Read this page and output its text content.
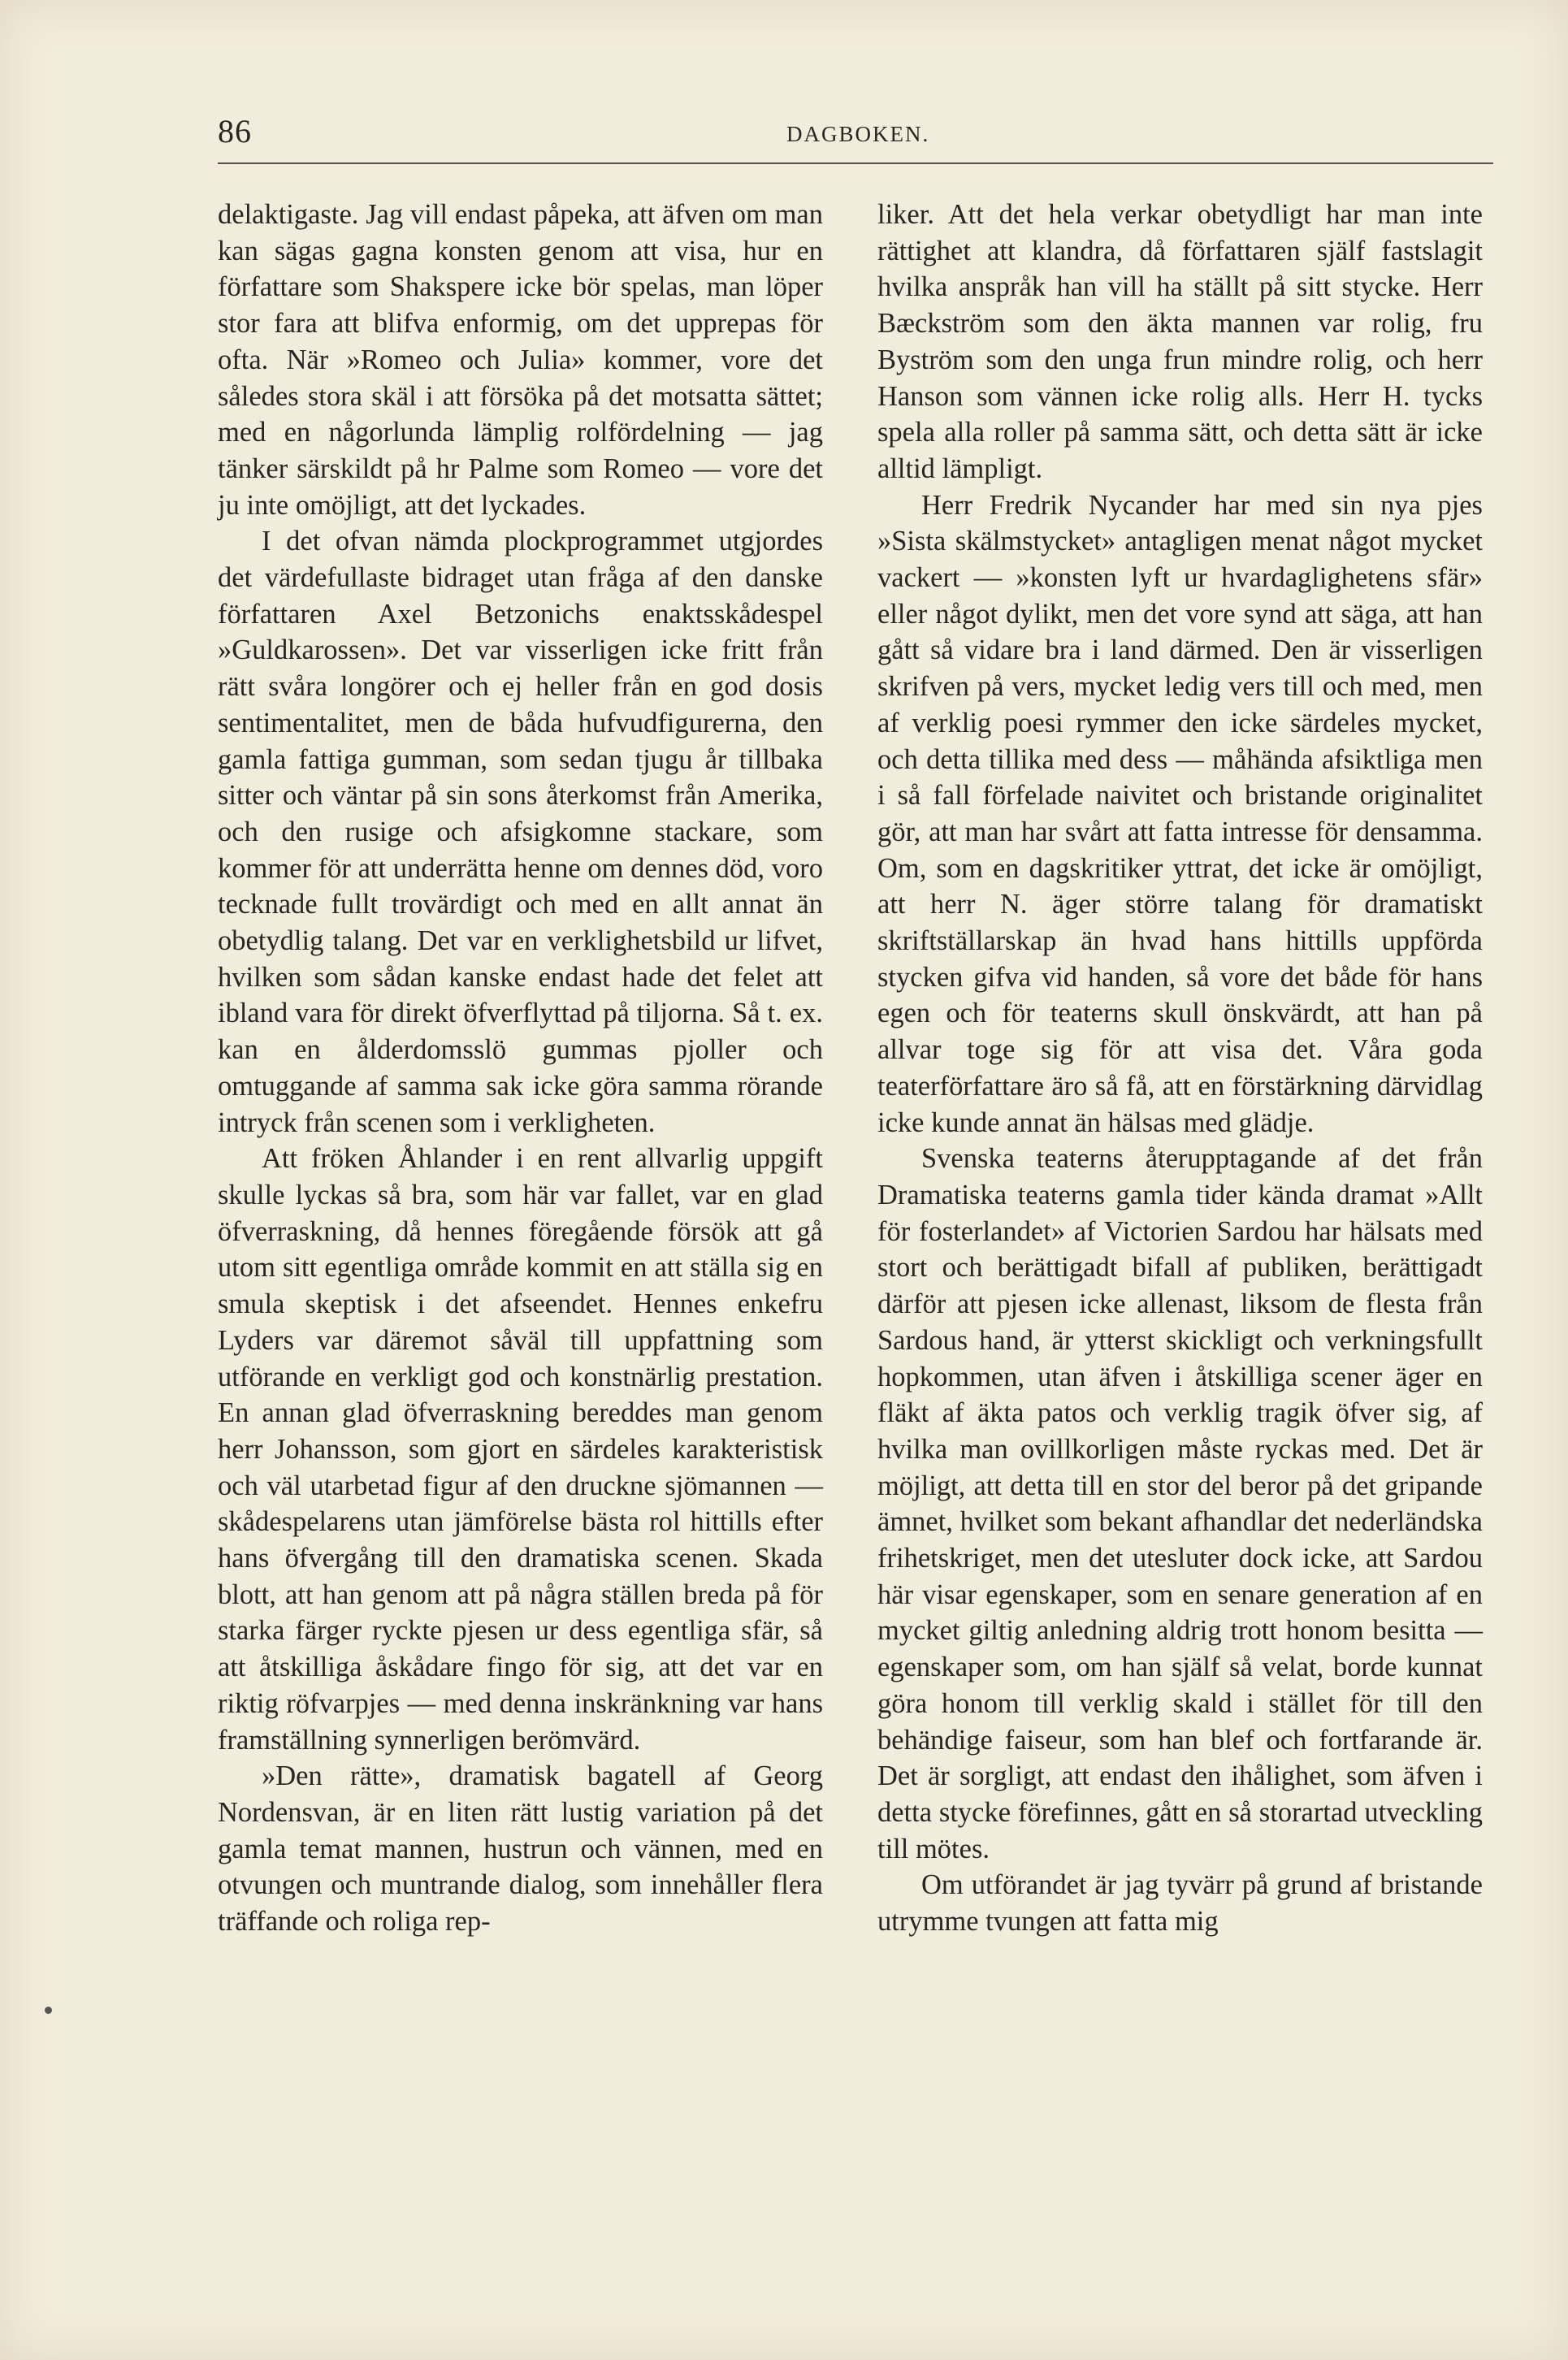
86	DAGBOKEN.

delaktigaste. Jag vill endast påpeka, att äfven om man kan sägas gagna konsten genom att visa, hur en författare som Shakspere icke bör spelas, man löper stor fara att blifva enformig, om det upprepas för ofta. När »Romeo och Julia» kommer, vore det således stora skäl i att försöka på det motsatta sättet; med en någorlunda lämplig rolfördelning — jag tänker särskildt på hr Palme som Romeo — vore det ju inte omöjligt, att det lyckades.

I det ofvan nämda plockprogrammet utgjordes det värdefullaste bidraget utan fråga af den danske författaren Axel Betzonichs enaktsskådespel »Guldkarossen». Det var visserligen icke fritt från rätt svåra longörer och ej heller från en god dosis sentimentalitet, men de båda hufvudfigurerna, den gamla fattiga gumman, som sedan tjugu år tillbaka sitter och väntar på sin sons återkomst från Amerika, och den rusige och afsigkomne stackare, som kommer för att underrätta henne om dennes död, voro tecknade fullt trovärdigt och med en allt annat än obetydlig talang. Det var en verklighetsbild ur lifvet, hvilken som sådan kanske endast hade det felet att ibland vara för direkt öfverflyttad på tiljorna. Så t. ex. kan en ålderdomsslö gummas pjoller och omtuggande af samma sak icke göra samma rörande intryck från scenen som i verkligheten.

Att fröken Åhlander i en rent allvarlig uppgift skulle lyckas så bra, som här var fallet, var en glad öfverraskning, då hennes föregående försök att gå utom sitt egentliga område kommit en att ställa sig en smula skeptisk i det afseendet. Hennes enkefru Lyders var däremot såväl till uppfattning som utförande en verkligt god och konstnärlig prestation. En annan glad öfverraskning bereddes man genom herr Johansson, som gjort en särdeles karakteristisk och väl utarbetad figur af den druckne sjömannen — skådespelarens utan jämförelse bästa rol hittills efter hans öfvergång till den dramatiska scenen. Skada blott, att han genom att på några ställen breda på för starka färger ryckte pjesen ur dess egentliga sfär, så att åtskilliga åskådare fingo för sig, att det var en riktig röfvarpjes — med denna inskränkning var hans framställning synnerligen berömvärd.

»Den rätte», dramatisk bagatell af Georg Nordensvan, är en liten rätt lustig variation på det gamla temat mannen, hustrun och vännen, med en otvungen och muntrande dialog, som innehåller flera träffande och roliga rep-

liker. Att det hela verkar obetydligt har man inte rättighet att klandra, då författaren själf fastslagit hvilka anspråk han vill ha ställt på sitt stycke. Herr Bæckström som den äkta mannen var rolig, fru Byström som den unga frun mindre rolig, och herr Hanson som vännen icke rolig alls. Herr H. tycks spela alla roller på samma sätt, och detta sätt är icke alltid lämpligt.

Herr Fredrik Nycander har med sin nya pjes »Sista skälmstycket» antagligen menat något mycket vackert — »konsten lyft ur hvardaglighetens sfär» eller något dylikt, men det vore synd att säga, att han gått så vidare bra i land därmed. Den är visserligen skrifven på vers, mycket ledig vers till och med, men af verklig poesi rymmer den icke särdeles mycket, och detta tillika med dess — måhända afsiktliga men i så fall förfelade naivitet och bristande originalitet gör, att man har svårt att fatta intresse för densamma. Om, som en dagskritiker yttrat, det icke är omöjligt, att herr N. äger större talang för dramatiskt skriftställarskap än hvad hans hittills uppförda stycken gifva vid handen, så vore det både för hans egen och för teaterns skull önskvärdt, att han på allvar toge sig för att visa det. Våra goda teaterförfattare äro så få, att en förstärkning därvidlag icke kunde annat än hälsas med glädje.

Svenska teaterns återupptagande af det från Dramatiska teaterns gamla tider kända dramat »Allt för fosterlandet» af Victorien Sardou har hälsats med stort och berättigadt bifall af publiken, berättigadt därför att pjesen icke allenast, liksom de flesta från Sardous hand, är ytterst skickligt och verkningsfullt hopkommen, utan äfven i åtskilliga scener äger en fläkt af äkta patos och verklig tragik öfver sig, af hvilka man ovillkorligen måste ryckas med. Det är möjligt, att detta till en stor del beror på det gripande ämnet, hvilket som bekant afhandlar det nederländska frihetskriget, men det utesluter dock icke, att Sardou här visar egenskaper, som en senare generation af en mycket giltig anledning aldrig trott honom besitta — egenskaper som, om han själf så velat, borde kunnat göra honom till verklig skald i stället för till den behändige faiseur, som han blef och fortfarande är. Det är sorgligt, att endast den ihålighet, som äfven i detta stycke förefinnes, gått en så storartad utveckling till mötes.

Om utförandet är jag tyvärr på grund af bristande utrymme tvungen att fatta mig
